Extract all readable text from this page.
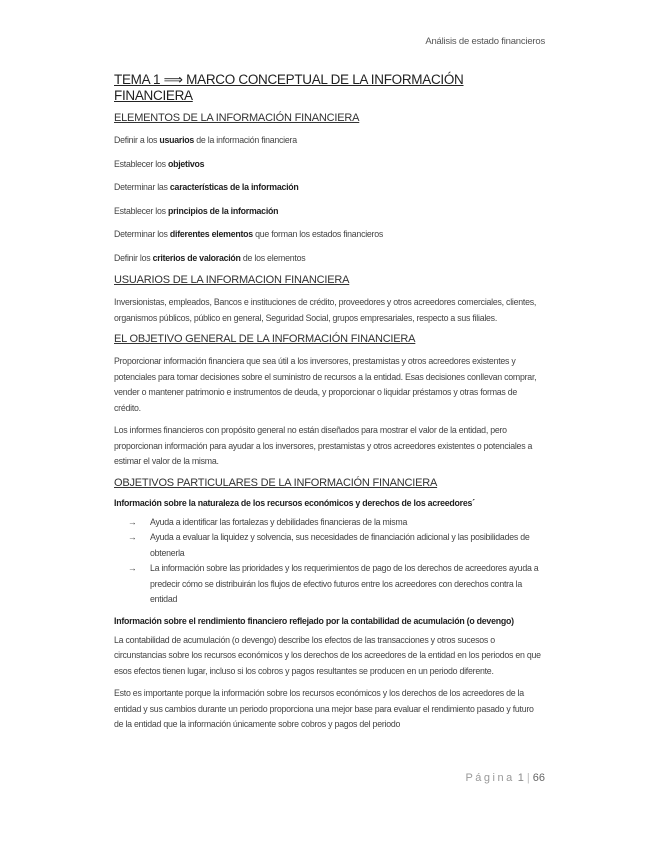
Análisis de estado financieros
TEMA 1 ⟹ MARCO CONCEPTUAL DE LA INFORMACIÓN FINANCIERA
ELEMENTOS DE LA INFORMACIÓN FINANCIERA
Definir a los usuarios de la información financiera
Establecer los objetivos
Determinar las características de la información
Establecer los principios de la información
Determinar los diferentes elementos que forman los estados financieros
Definir los criterios de valoración de los elementos
USUARIOS DE LA INFORMACION FINANCIERA
Inversionistas, empleados, Bancos e instituciones de crédito, proveedores y otros acreedores comerciales, clientes, organismos públicos, público en general, Seguridad Social, grupos empresariales, respecto a sus filiales.
EL OBJETIVO GENERAL DE LA INFORMACIÓN FINANCIERA
Proporcionar información financiera que sea útil a los inversores, prestamistas y otros acreedores existentes y potenciales para tomar decisiones sobre el suministro de recursos a la entidad. Esas decisiones conllevan comprar, vender o mantener patrimonio e instrumentos de deuda, y proporcionar o liquidar préstamos y otras formas de crédito.
Los informes financieros con propósito general no están diseñados para mostrar el valor de la entidad, pero proporcionan información para ayudar a los inversores, prestamistas y otros acreedores existentes o potenciales a estimar el valor de la misma.
OBJETIVOS PARTICULARES DE LA INFORMACIÓN FINANCIERA
Información sobre la naturaleza de los recursos económicos y derechos de los acreedores´
→ Ayuda a identificar las fortalezas y debilidades financieras de la misma
→ Ayuda a evaluar la liquidez y solvencia, sus necesidades de financiación adicional y las posibilidades de obtenerla
→ La información sobre las prioridades y los requerimientos de pago de los derechos de acreedores ayuda a predecir cómo se distribuirán los flujos de efectivo futuros entre los acreedores con derechos contra la entidad
Información sobre el rendimiento financiero reflejado por la contabilidad de acumulación (o devengo)
La contabilidad de acumulación (o devengo) describe los efectos de las transacciones y otros sucesos o circunstancias sobre los recursos económicos y los derechos de los acreedores de la entidad en los periodos en que esos efectos tienen lugar, incluso si los cobros y pagos resultantes se producen en un periodo diferente.
Esto es importante porque la información sobre los recursos económicos y los derechos de los acreedores de la entidad y sus cambios durante un periodo proporciona una mejor base para evaluar el rendimiento pasado y futuro de la entidad que la información únicamente sobre cobros y pagos del periodo
Página 1 | 66
